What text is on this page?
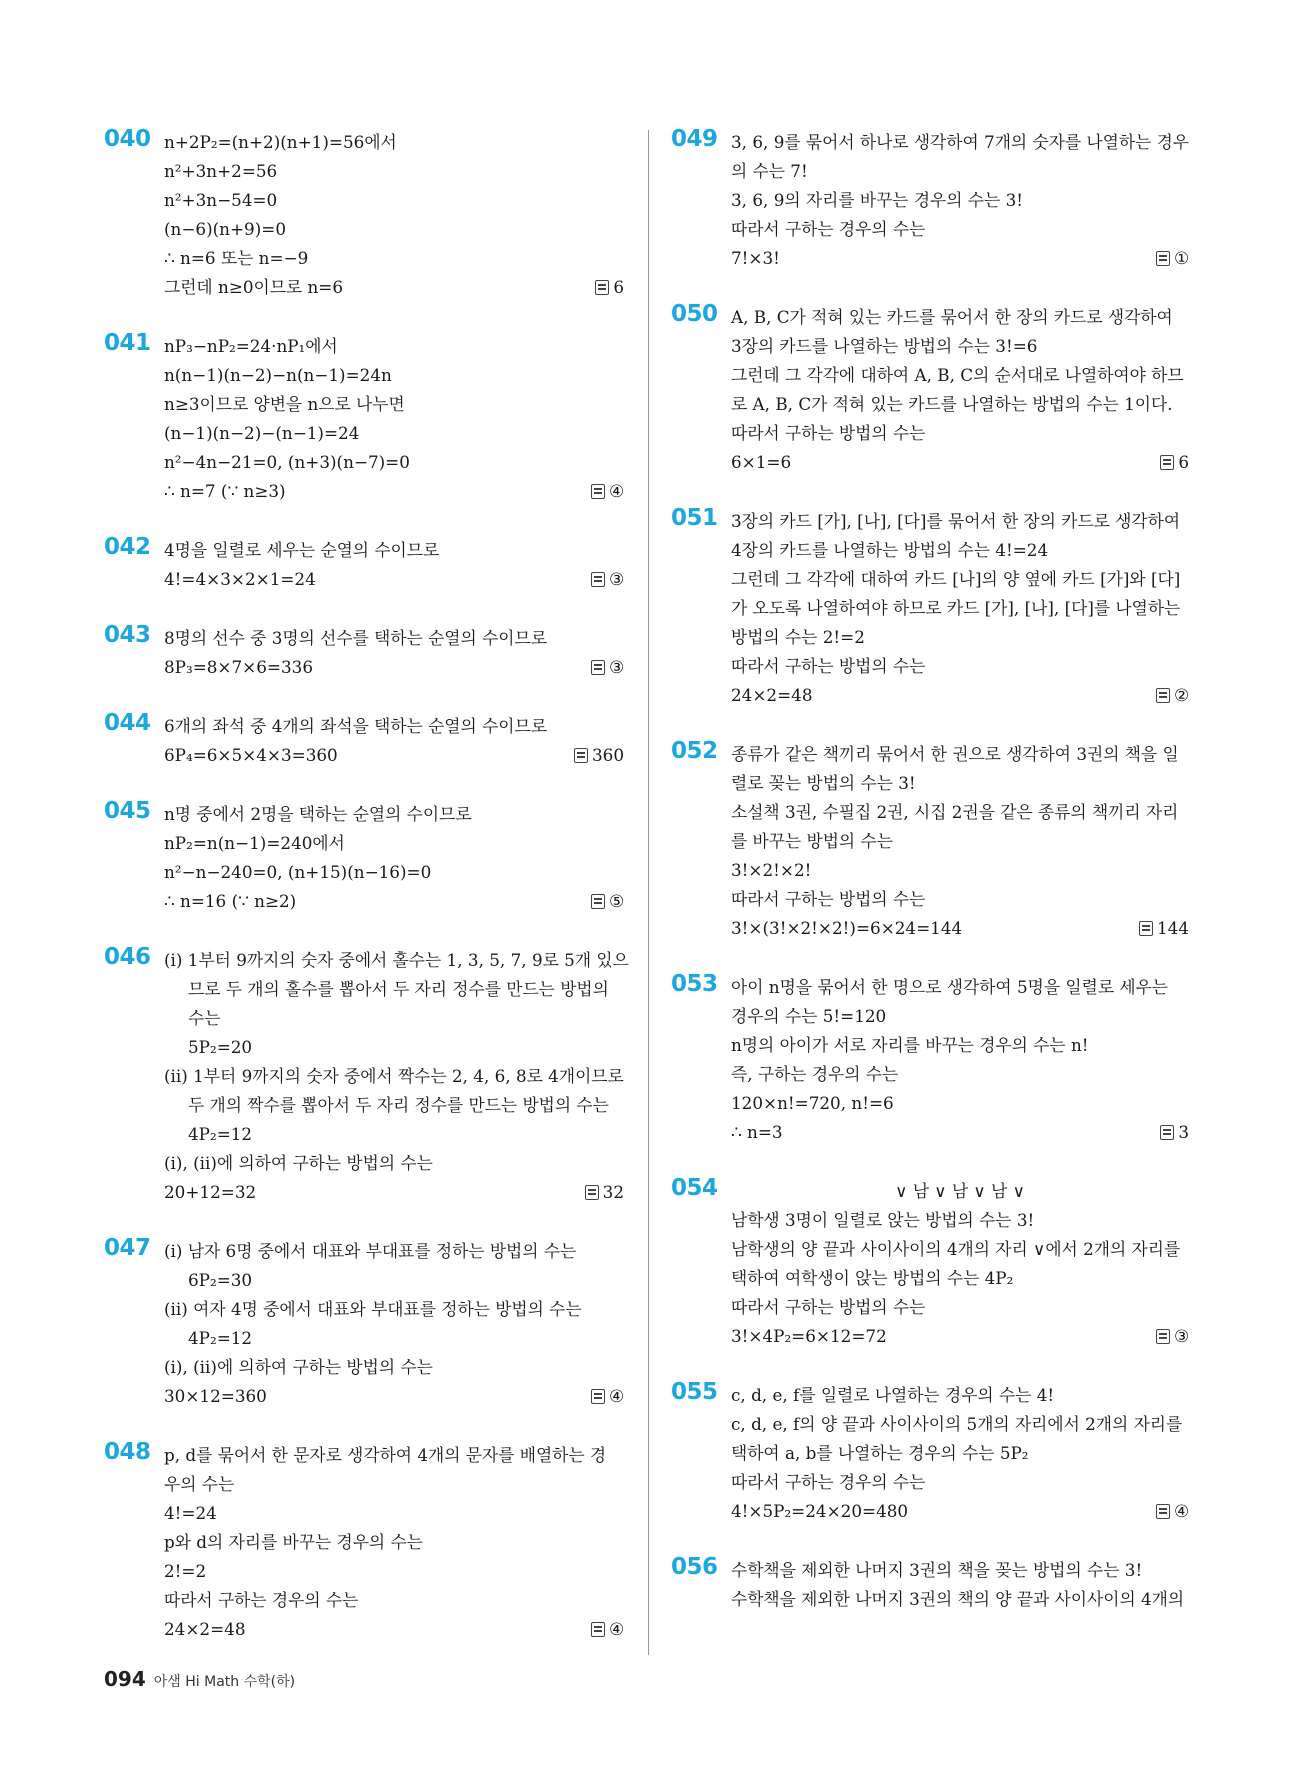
040 n+2P₂=(n+2)(n+1)=56에서
n²+3n+2=56
n²+3n−54=0
(n−6)(n+9)=0
∴ n=6 또는 n=−9
그런데 n≥0이므로 n=6	6
041 nP₃−nP₂=24·nP₁에서
n(n−1)(n−2)−n(n−1)=24n
n≥3이므로 양변을 n으로 나누면
(n−1)(n−2)−(n−1)=24
n²−4n−21=0, (n+3)(n−7)=0
∴ n=7 (∵ n≥3)	④
042 4명을 일렬로 세우는 순열의 수이므로
4!=4×3×2×1=24	③
043 8명의 선수 중 3명의 선수를 택하는 순열의 수이므로
8P₃=8×7×6=336	③
044 6개의 좌석 중 4개의 좌석을 택하는 순열의 수이므로
6P₄=6×5×4×3=360	360
045 n명 중에서 2명을 택하는 순열의 수이므로
nP₂=n(n−1)=240에서
n²−n−240=0, (n+15)(n−16)=0
∴ n=16 (∵ n≥2)	⑤
046 (ⅰ) 1부터 9까지의 숫자 중에서 홀수는 1, 3, 5, 7, 9로 5개 있으
므로 두 개의 홀수를 뽑아서 두 자리 정수를 만드는 방법의
수는
5P₂=20
(ⅱ) 1부터 9까지의 숫자 중에서 짝수는 2, 4, 6, 8로 4개이므로
두 개의 짝수를 뽑아서 두 자리 정수를 만드는 방법의 수는
4P₂=12
(ⅰ), (ⅱ)에 의하여 구하는 방법의 수는
20+12=32	32
047 (ⅰ) 남자 6명 중에서 대표와 부대표를 정하는 방법의 수는
6P₂=30
(ⅱ) 여자 4명 중에서 대표와 부대표를 정하는 방법의 수는
4P₂=12
(ⅰ), (ⅱ)에 의하여 구하는 방법의 수는
30×12=360	④
048 p, d를 묶어서 한 문자로 생각하여 4개의 문자를 배열하는 경
우의 수는
4!=24
p와 d의 자리를 바꾸는 경우의 수는
2!=2
따라서 구하는 경우의 수는
24×2=48	④
049 3, 6, 9를 묶어서 하나로 생각하여 7개의 숫자를 나열하는 경우
의 수는 7!
3, 6, 9의 자리를 바꾸는 경우의 수는 3!
따라서 구하는 경우의 수는
7!×3!	①
050 A, B, C가 적혀 있는 카드를 묶어서 한 장의 카드로 생각하여
3장의 카드를 나열하는 방법의 수는 3!=6
그런데 그 각각에 대하여 A, B, C의 순서대로 나열하여야 하므
로 A, B, C가 적혀 있는 카드를 나열하는 방법의 수는 1이다.
따라서 구하는 방법의 수는
6×1=6	6
051 3장의 카드 [가], [나], [다]를 묶어서 한 장의 카드로 생각하여
4장의 카드를 나열하는 방법의 수는 4!=24
그런데 그 각각에 대하여 카드 [나]의 양 옆에 카드 [가]와 [다]
가 오도록 나열하여야 하므로 카드 [가], [나], [다]를 나열하는
방법의 수는 2!=2
따라서 구하는 방법의 수는
24×2=48	②
052 종류가 같은 책끼리 묶어서 한 권으로 생각하여 3권의 책을 일
렬로 꽂는 방법의 수는 3!
소설책 3권, 수필집 2권, 시집 2권을 같은 종류의 책끼리 자리
를 바꾸는 방법의 수는
3!×2!×2!
따라서 구하는 방법의 수는
3!×(3!×2!×2!)=6×24=144	144
053 아이 n명을 묶어서 한 명으로 생각하여 5명을 일렬로 세우는
경우의 수는 5!=120
n명의 아이가 서로 자리를 바꾸는 경우의 수는 n!
즉, 구하는 경우의 수는
120×n!=720, n!=6
∴ n=3	3
054	∨ 남 ∨ 남 ∨ 남 ∨
남학생 3명이 일렬로 앉는 방법의 수는 3!
남학생의 양 끝과 사이사이의 4개의 자리 ∨에서 2개의 자리를
택하여 여학생이 앉는 방법의 수는 4P₂
따라서 구하는 방법의 수는
3!×4P₂=6×12=72	③
055 c, d, e, f를 일렬로 나열하는 경우의 수는 4!
c, d, e, f의 양 끝과 사이사이의 5개의 자리에서 2개의 자리를
택하여 a, b를 나열하는 경우의 수는 5P₂
따라서 구하는 경우의 수는
4!×5P₂=24×20=480	④
056 수학책을 제외한 나머지 3권의 책을 꽂는 방법의 수는 3!
수학책을 제외한 나머지 3권의 책의 양 끝과 사이사이의 4개의
094 아샘 Hi Math 수학(하)
